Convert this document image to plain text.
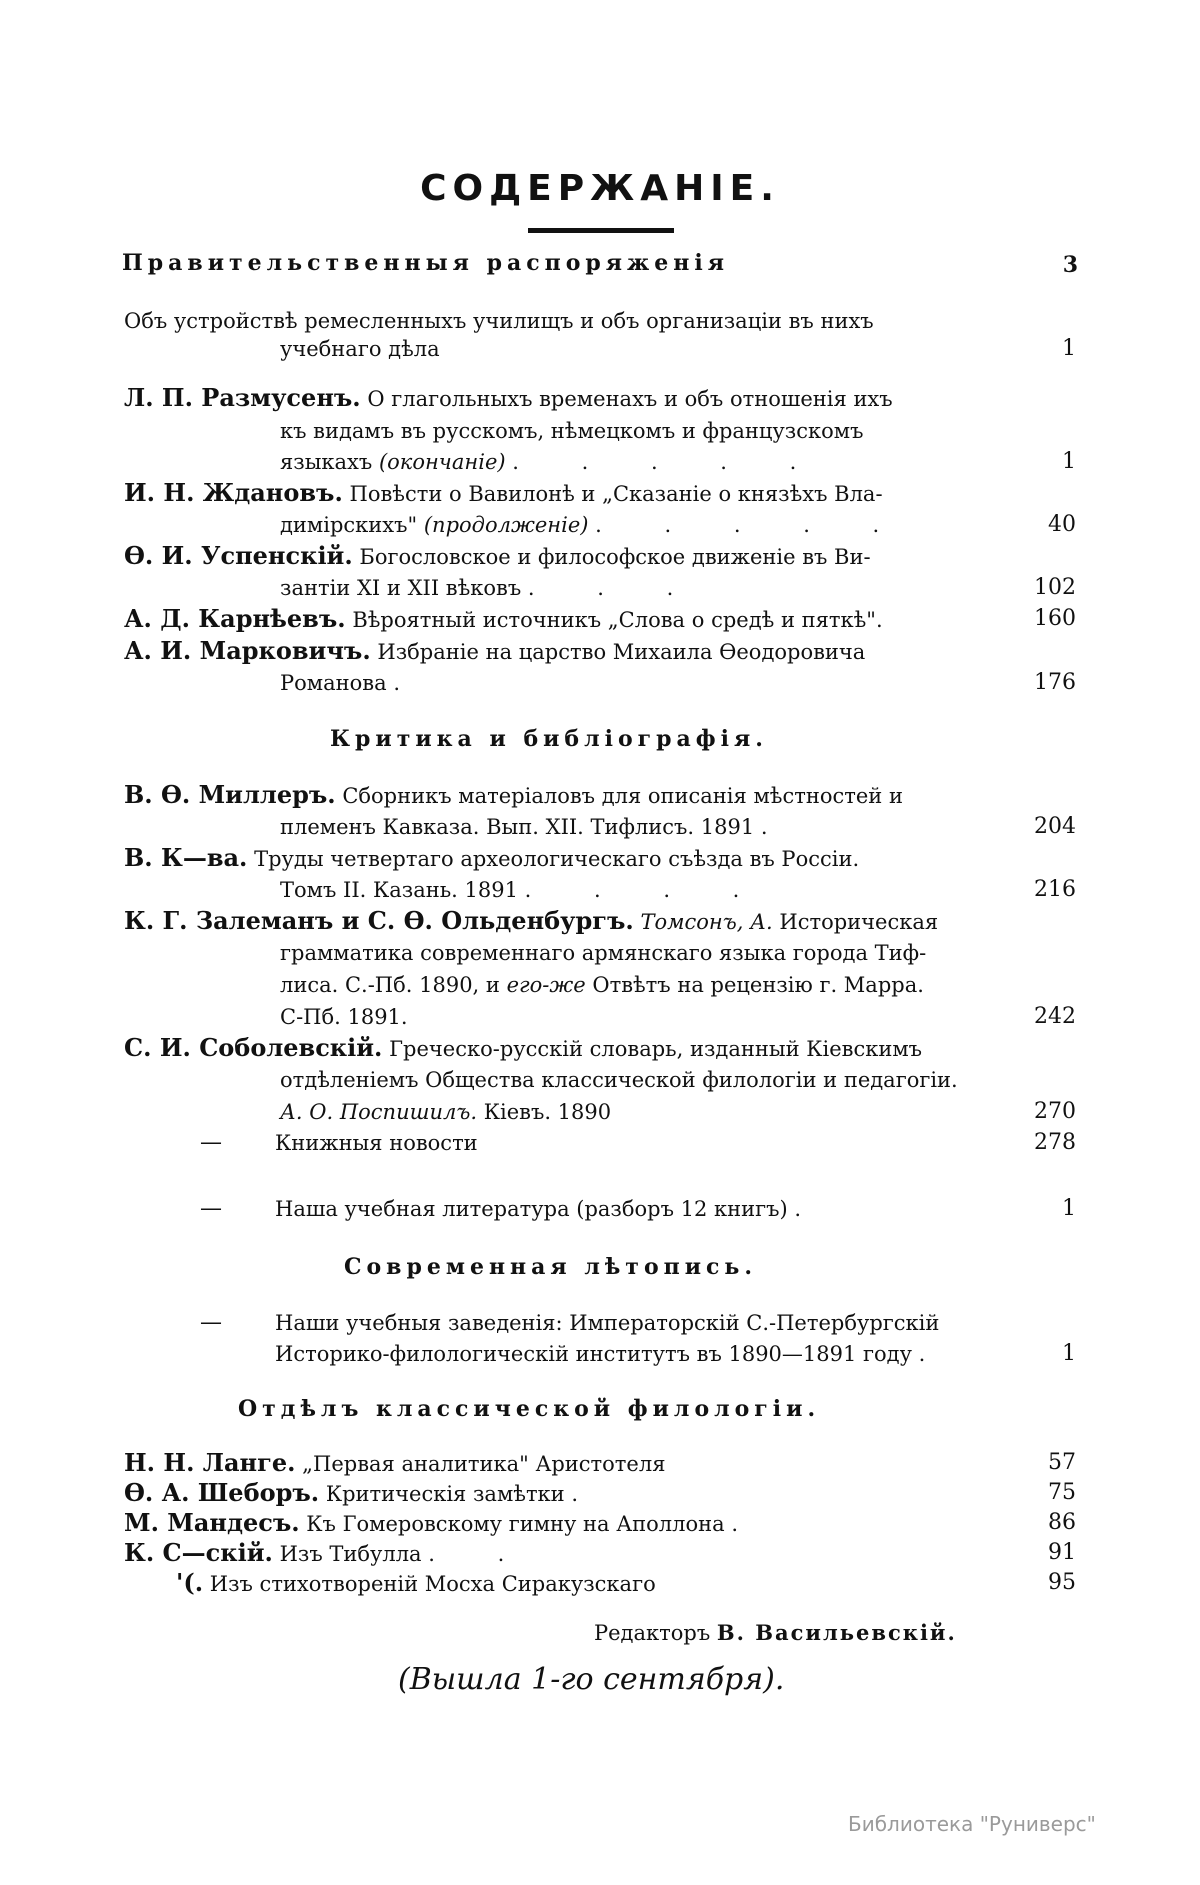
СОДЕРЖАНІЕ.
Правительственныя распоряженія	3
Объ устройствѣ ремесленныхъ училищъ и объ организаціи въ нихъ
учебнаго дѣла	1
Л. П. Размусенъ. О глагольныхъ временахъ и объ отношенія ихъ
къ видамъ въ русскомъ, нѣмецкомъ и французскомъ
языкахъ (окончаніе) . . . . .	1
И. Н. Ждановъ. Повѣсти о Вавилонѣ и „Сказаніе о князѣхъ Вла-
димірскихъ" (продолженіе) . . . . .	40
Ѳ. И. Успенскій. Богословское и философское движеніе въ Ви-
зантіи XI и XII вѣковъ . . .	102
А. Д. Карнѣевъ. Вѣроятный источникъ „Слова о средѣ и пяткѣ".	160
А. И. Марковичъ. Избраніе на царство Михаила Ѳеодоровича
Романова .	176
Критика и библіографія.
В. Ѳ. Миллеръ. Сборникъ матеріаловъ для описанія мѣстностей и
племенъ Кавказа. Вып. XII. Тифлисъ. 1891 .	204
В. К—ва. Труды четвертаго археологическаго съѣзда въ Россіи.
Томъ II. Казань. 1891 . . . .	216
К. Г. Залеманъ и С. Ѳ. Ольденбургъ. Томсонъ, А. Историческая
грамматика современнаго армянскаго языка города Тиф-
лиса. С.-Пб. 1890, и его-же Отвѣтъ на рецензію г. Марра.
С-Пб. 1891.	242
С. И. Соболевскій. Греческо-русскій словарь, изданный Кіевскимъ
отдѣленіемъ Общества классической филологіи и педагогіи.
А. О. Поспишилъ. Кіевъ. 1890	270
—	Книжныя новости	278
—	Наша учебная литература (разборъ 12 книгъ) .	1
Современная лѣтопись.
—	Наши учебныя заведенія: Императорскій С.-Петербургскій
Историко-филологическій институтъ въ 1890—1891 году .	1
Отдѣлъ классической филологіи.
Н. Н. Ланге. „Первая аналитика" Аристотеля	57
Ѳ. А. Шеборъ. Критическія замѣтки .	75
М. Мандесъ. Къ Гомеровскому гимну на Аполлона .	86
К. С—скій. Изъ Тибулла . .	91
'(. Изъ стихотвореній Мосха Сиракузскаго	95
Редакторъ В. Васильевскій.
(Вышла 1-го сентября).
Библиотека "Руниверс"
